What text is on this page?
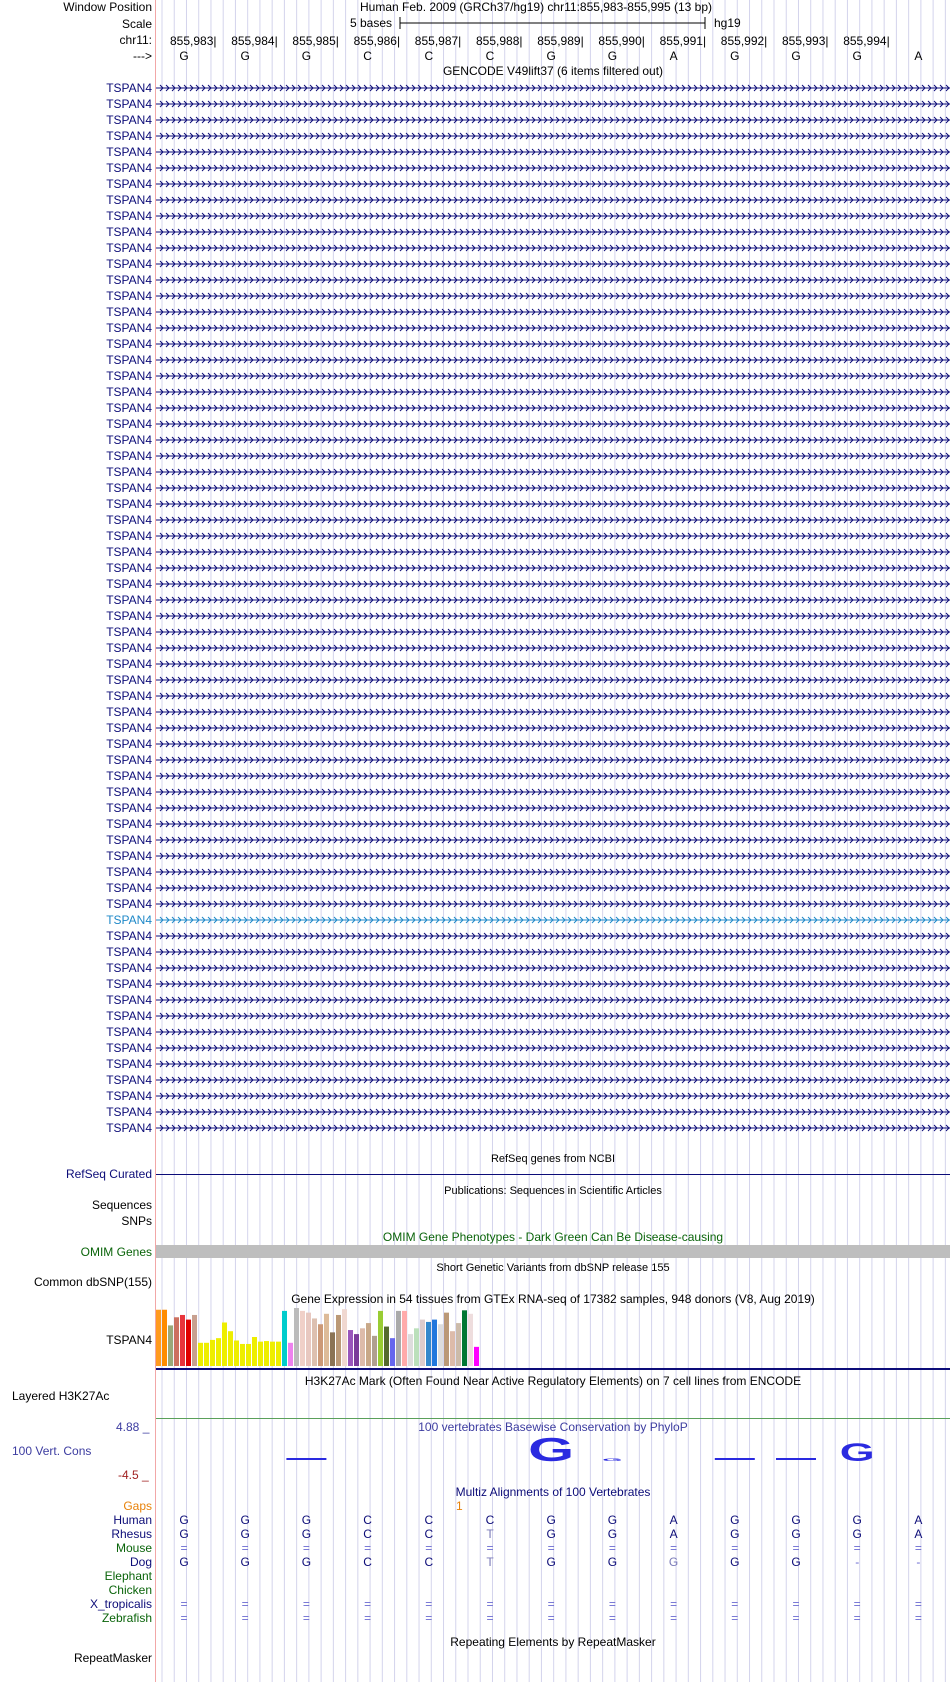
Window Position	Human Feb. 2009 (GRCh37/hg19) chr11:855,983-855,995 (13 bp)
Scale	5 bases	hg19
chr11: 855,983| 855,984| 855,985| 855,986| 855,987| 855,988| 855,989| 855,990| 855,991| 855,992| 855,993| 855,994|
--->	G	G	G	C	C	C	G	G	A	G	G	G	A
GENCODE V49lift37 (6 items filtered out)
TSPAN4
TSPAN4
TSPAN4
TSPAN4
TSPAN4
TSPAN4
TSPAN4
TSPAN4
TSPAN4
TSPAN4
TSPAN4
TSPAN4
TSPAN4
TSPAN4
TSPAN4
TSPAN4
TSPAN4
TSPAN4
TSPAN4
TSPAN4
TSPAN4
TSPAN4
TSPAN4
TSPAN4
TSPAN4
TSPAN4
TSPAN4
TSPAN4
TSPAN4
TSPAN4
TSPAN4
TSPAN4
TSPAN4
TSPAN4
TSPAN4
TSPAN4
TSPAN4
TSPAN4
TSPAN4
TSPAN4
TSPAN4
TSPAN4
TSPAN4
TSPAN4
TSPAN4
TSPAN4
TSPAN4
TSPAN4
TSPAN4
TSPAN4
TSPAN4
TSPAN4
TSPAN4
TSPAN4
TSPAN4
TSPAN4
TSPAN4
TSPAN4
TSPAN4
TSPAN4
TSPAN4
TSPAN4
TSPAN4
TSPAN4
TSPAN4
TSPAN4
RefSeq genes from NCBI
RefSeq Curated
Publications: Sequences in Scientific Articles
Sequences
SNPs
OMIM Gene Phenotypes - Dark Green Can Be Disease-causing
OMIM Genes
Short Genetic Variants from dbSNP release 155
Common dbSNP(155)
Gene Expression in 54 tissues from GTEx RNA-seq of 17382 samples, 948 donors (V8, Aug 2019)
TSPAN4
H3K27Ac Mark (Often Found Near Active Regulatory Elements) on 7 cell lines from ENCODE
Layered H3K27Ac
100 vertebrates Basewise Conservation by PhyloP
4.88 _
100 Vert. Cons
-4.5 _
G G	G
Multiz Alignments of 100 Vertebrates
Gaps	1
Human	G	G	G	C	C	C	G	G	A	G	G	G	A
Rhesus	G	G	G	C	C	T	G	G	A	G	G	G	A
Mouse	=	=	=	=	=	=	=	=	=	=	=	=	=
Dog	G	G	G	C	C	T	G	G	G	G	G	-	-
Elephant
Chicken
X_tropicalis	=	=	=	=	=	=	=	=	=	=	=	=	=
Zebrafish	=	=	=	=	=	=	=	=	=	=	=	=	=
Repeating Elements by RepeatMasker
RepeatMasker
